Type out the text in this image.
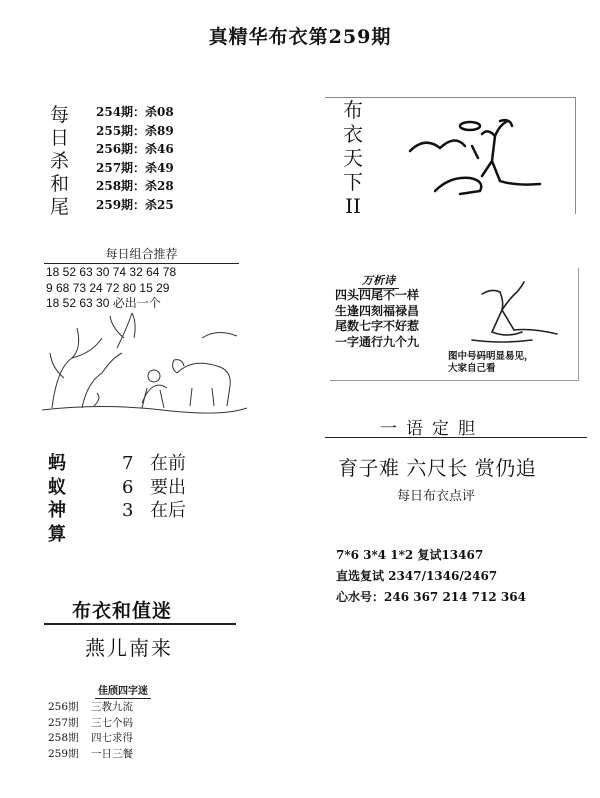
真精华布衣第259期
每
日
杀
和
尾
254期：杀08
255期：杀89
256期：杀46
257期：杀49
258期：杀28
259期：杀25
每日组合推荐
18 52 63 30 74 32 64 78
9 68 73 24 72 80 15 29
18 52 63 30 必出一个
蚂
蚁
神
算
7 在前
6 要出
3 在后
布衣和值迷
燕儿南来
佳颀四字迷
256期 三教九流
257期 三七个码
258期 四七求得
259期 一日三餐
布
衣
天
下
II
万析诗
四头四尾不一样
生逢四刻福禄昌
尾数七字不好惹
一字通行九个九
图中号码明显易见，
大家自己看
一语定胆
育子难 六尺长 赏仍追
每日布衣点评
7*6 3*4 1*2 复试13467
直选复试 2347/1346/2467
心水号：246 367 214 712 364
